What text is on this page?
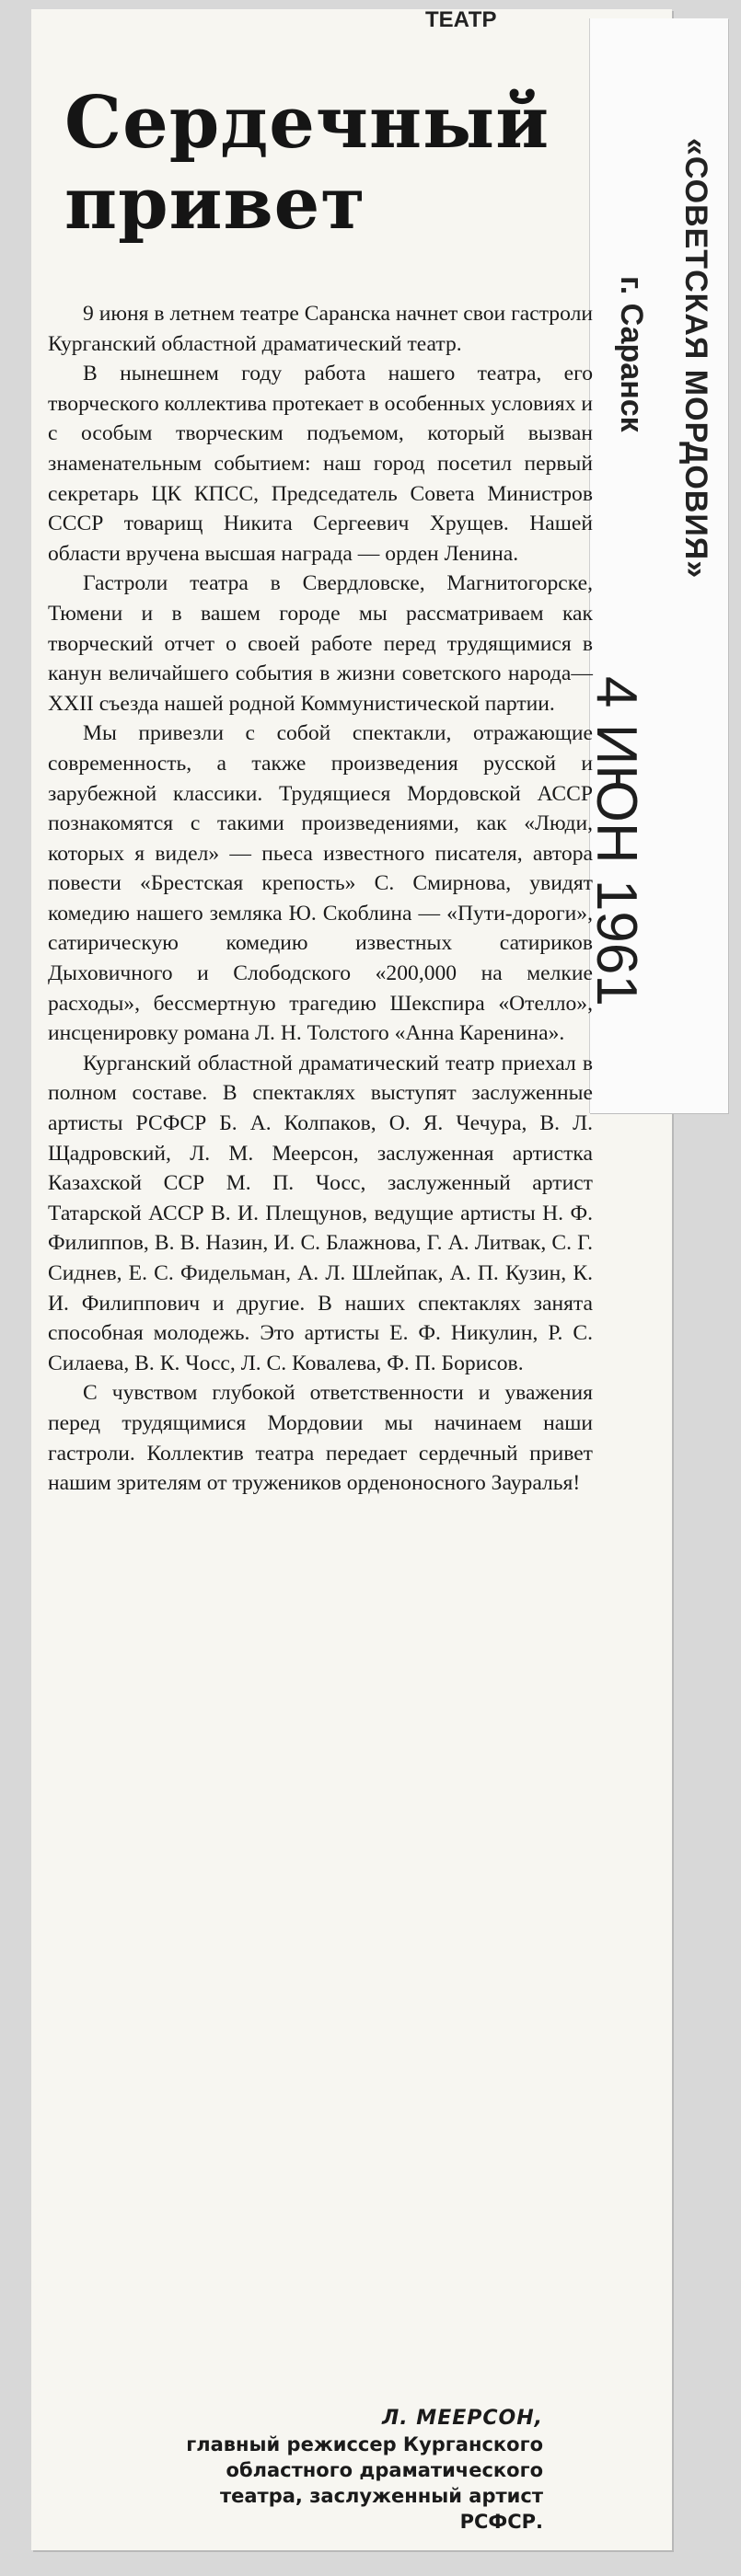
«СОВЕТСКАЯ МОРДОВИЯ»
г. Саранск
4 ИЮН 1961
ТЕАТР
Сердечный привет

9 июня в летнем театре Саранска начнет свои гастроли Курганский областной драматический театр.

В нынешнем году работа нашего театра, его творческого коллектива протекает в особенных условиях и с особым творческим подъемом, который вызван знаменательным событием: наш город посетил первый секретарь ЦК КПСС, Председатель Совета Министров СССР товарищ Никита Сергеевич Хрущев. Нашей области вручена высшая награда — орден Ленина.

Гастроли театра в Свердловске, Магнитогорске, Тюмени и в вашем городе мы рассматриваем как творческий отчет о своей работе перед трудящимися в канун величайшего события в жизни советского народа—XXII съезда нашей родной Коммунистической партии.

Мы привезли с собой спектакли, отражающие современность, а также произведения русской и зарубежной классики. Трудящиеся Мордовской АССР познакомятся с такими произведениями, как «Люди, которых я видел» — пьеса известного писателя, автора повести «Брестская крепость» С. Смирнова, увидят комедию нашего земляка Ю. Скоблина — «Пути-дороги», сатирическую комедию известных сатириков Дыховичного и Слободского «200,000 на мелкие расходы», бессмертную трагедию Шекспира «Отелло», инсценировку романа Л. Н. Толстого «Анна Каренина».

Курганский областной драматический театр приехал в полном составе. В спектаклях выступят заслуженные артисты РСФСР Б. А. Колпаков, О. Я. Чечура, В. Л. Щадровский, Л. М. Меерсон, заслуженная артистка Казахской ССР М. П. Чосс, заслуженный артист Татарской АССР В. И. Плещунов, ведущие артисты Н. Ф. Филиппов, В. В. Назин, И. С. Блажнова, Г. А. Литвак, С. Г. Сиднев, Е. С. Фидельман, А. Л. Шлейпак, А. П. Кузин, К. И. Филиппович и другие. В наших спектаклях занята способная молодежь. Это артисты Е. Ф. Никулин, Р. С. Силаева, В. К. Чосс, Л. С. Ковалева, Ф. П. Борисов.

С чувством глубокой ответственности и уважения перед трудящимися Мордовии мы начинаем наши гастроли. Коллектив театра передает сердечный привет нашим зрителям от тружеников орденоносного Зауралья!

Л. МЕЕРСОН,
главный режиссер Курганского
областного драматического
театра, заслуженный артист
РСФСР.
